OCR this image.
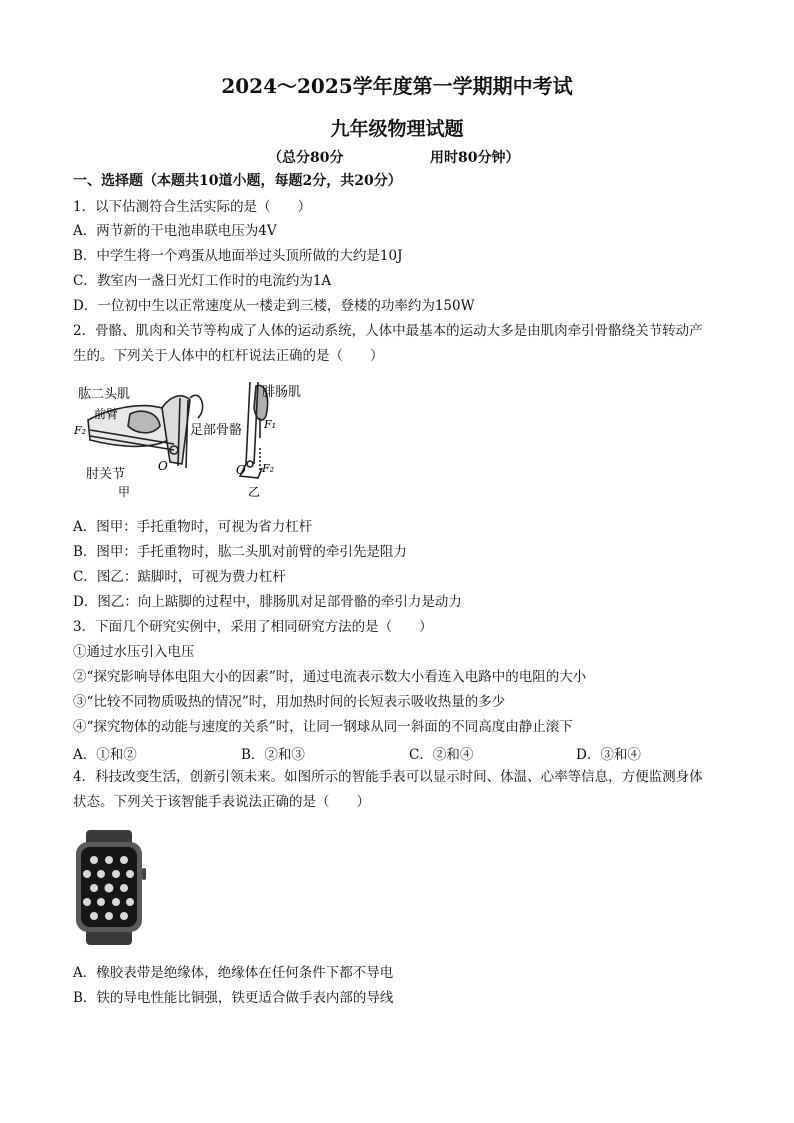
2024～2025学年度第一学期期中考试
九年级物理试题
（总分80分	用时80分钟）
一、选择题（本题共10道小题，每题2分，共20分）
1．以下估测符合生活实际的是（　　）
A．两节新的干电池串联电压为4V
B．中学生将一个鸡蛋从地面举过头顶所做的大约是10J
C．教室内一盏日光灯工作时的电流约为1A
D．一位初中生以正常速度从一楼走到三楼，登楼的功率约为150W
2．骨骼、肌肉和关节等构成了人体的运动系统，人体中最基本的运动大多是由肌肉牵引骨骼绕关节转动产
生的。下列关于人体中的杠杆说法正确的是（　　）
肱二头肌
前臂
F₂
O
肘关节
甲
腓肠肌
足部骨骼 F₁
O F₂
乙
A．图甲：手托重物时，可视为省力杠杆
B．图甲：手托重物时，肱二头肌对前臂的牵引先是阻力
C．图乙：踮脚时，可视为费力杠杆
D．图乙：向上踮脚的过程中，腓肠肌对足部骨骼的牵引力是动力
3．下面几个研究实例中，采用了相同研究方法的是（　　）
①通过水压引入电压
②“探究影响导体电阻大小的因素”时，通过电流表示数大小看连入电路中的电阻的大小
③“比较不同物质吸热的情况”时，用加热时间的长短表示吸收热量的多少
④“探究物体的动能与速度的关系”时，让同一钢球从同一斜面的不同高度由静止滚下
A．①和②	B．②和③	C．②和④	D．③和④
4．科技改变生活，创新引领未来。如图所示的智能手表可以显示时间、体温、心率等信息，方便监测身体
状态。下列关于该智能手表说法正确的是（　　）
A．橡胶表带是绝缘体，绝缘体在任何条件下都不导电
B．铁的导电性能比铜强，铁更适合做手表内部的导线
